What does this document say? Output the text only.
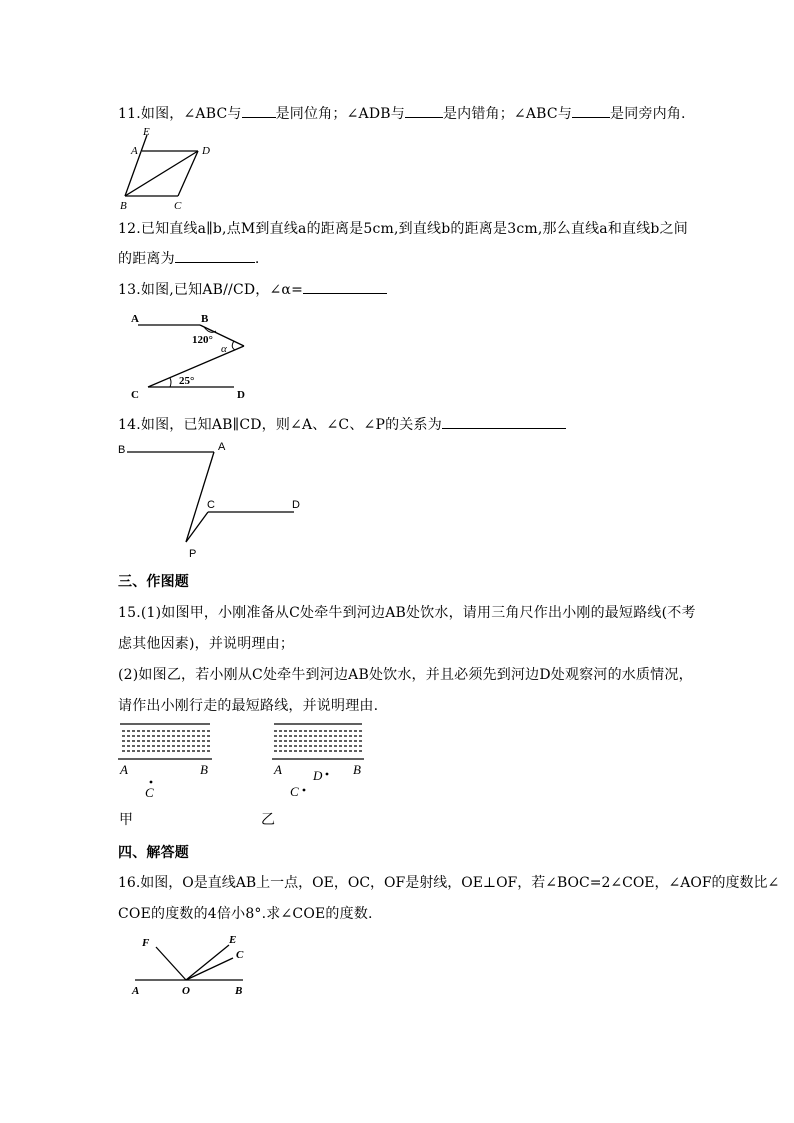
11.如图，∠ABC与 是同位角；∠ADB与	是内错角；∠ABC与	是同旁内角.
E
A	D
B	C
12.已知直线a∥b,点M到直线a的距离是5cm,到直线b的距离是3cm,那么直线a和直线b之间
的距离为	.
13.如图,已知AB//CD，∠α=
A	B
120°
α
25°
C	D
14.如图，已知AB∥CD，则∠A、∠C、∠P的关系为
B	A
C	D
P
三、作图题
15.(1)如图甲，小刚准备从C处牵牛到河边AB处饮水，请用三角尺作出小刚的最短路线(不考
虑其他因素)，并说明理由；
(2)如图乙，若小刚从C处牵牛到河边AB处饮水，并且必须先到河边D处观察河的水质情况，
请作出小刚行走的最短路线，并说明理由.
A	B
C
A	B
D
C
甲	乙
四、解答题
16.如图，O是直线AB上一点，OE，OC，OF是射线，OE⊥OF，若∠BOC=2∠COE，∠AOF的度数比∠
COE的度数的4倍小8°.求∠COE的度数.
F	E
C
A	O	B
